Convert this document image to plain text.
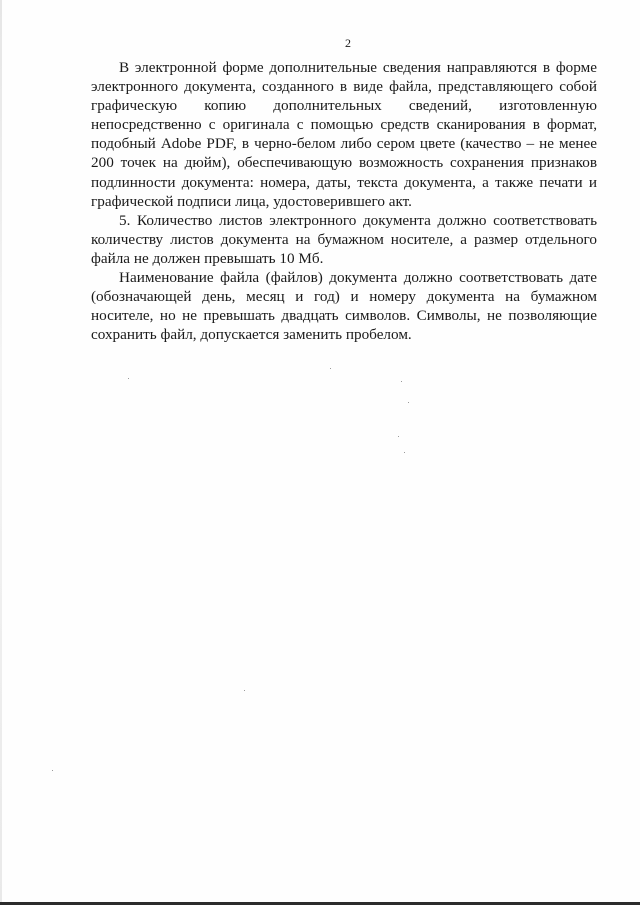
2

В электронной форме дополнительные сведения направляются в форме электронного документа, созданного в виде файла, представляющего собой графическую копию дополнительных сведений, изготовленную непосредственно с оригинала с помощью средств сканирования в формат, подобный Adobe PDF, в черно-белом либо сером цвете (качество – не менее 200 точек на дюйм), обеспечивающую возможность сохранения признаков подлинности документа: номера, даты, текста документа, а также печати и графической подписи лица, удостоверившего акт.

5. Количество листов электронного документа должно соответствовать количеству листов документа на бумажном носителе, а размер отдельного файла не должен превышать 10 Мб.

Наименование файла (файлов) документа должно соответствовать дате (обозначающей день, месяц и год) и номеру документа на бумажном носителе, но не превышать двадцать символов. Символы, не позволяющие сохранить файл, допускается заменить пробелом.
